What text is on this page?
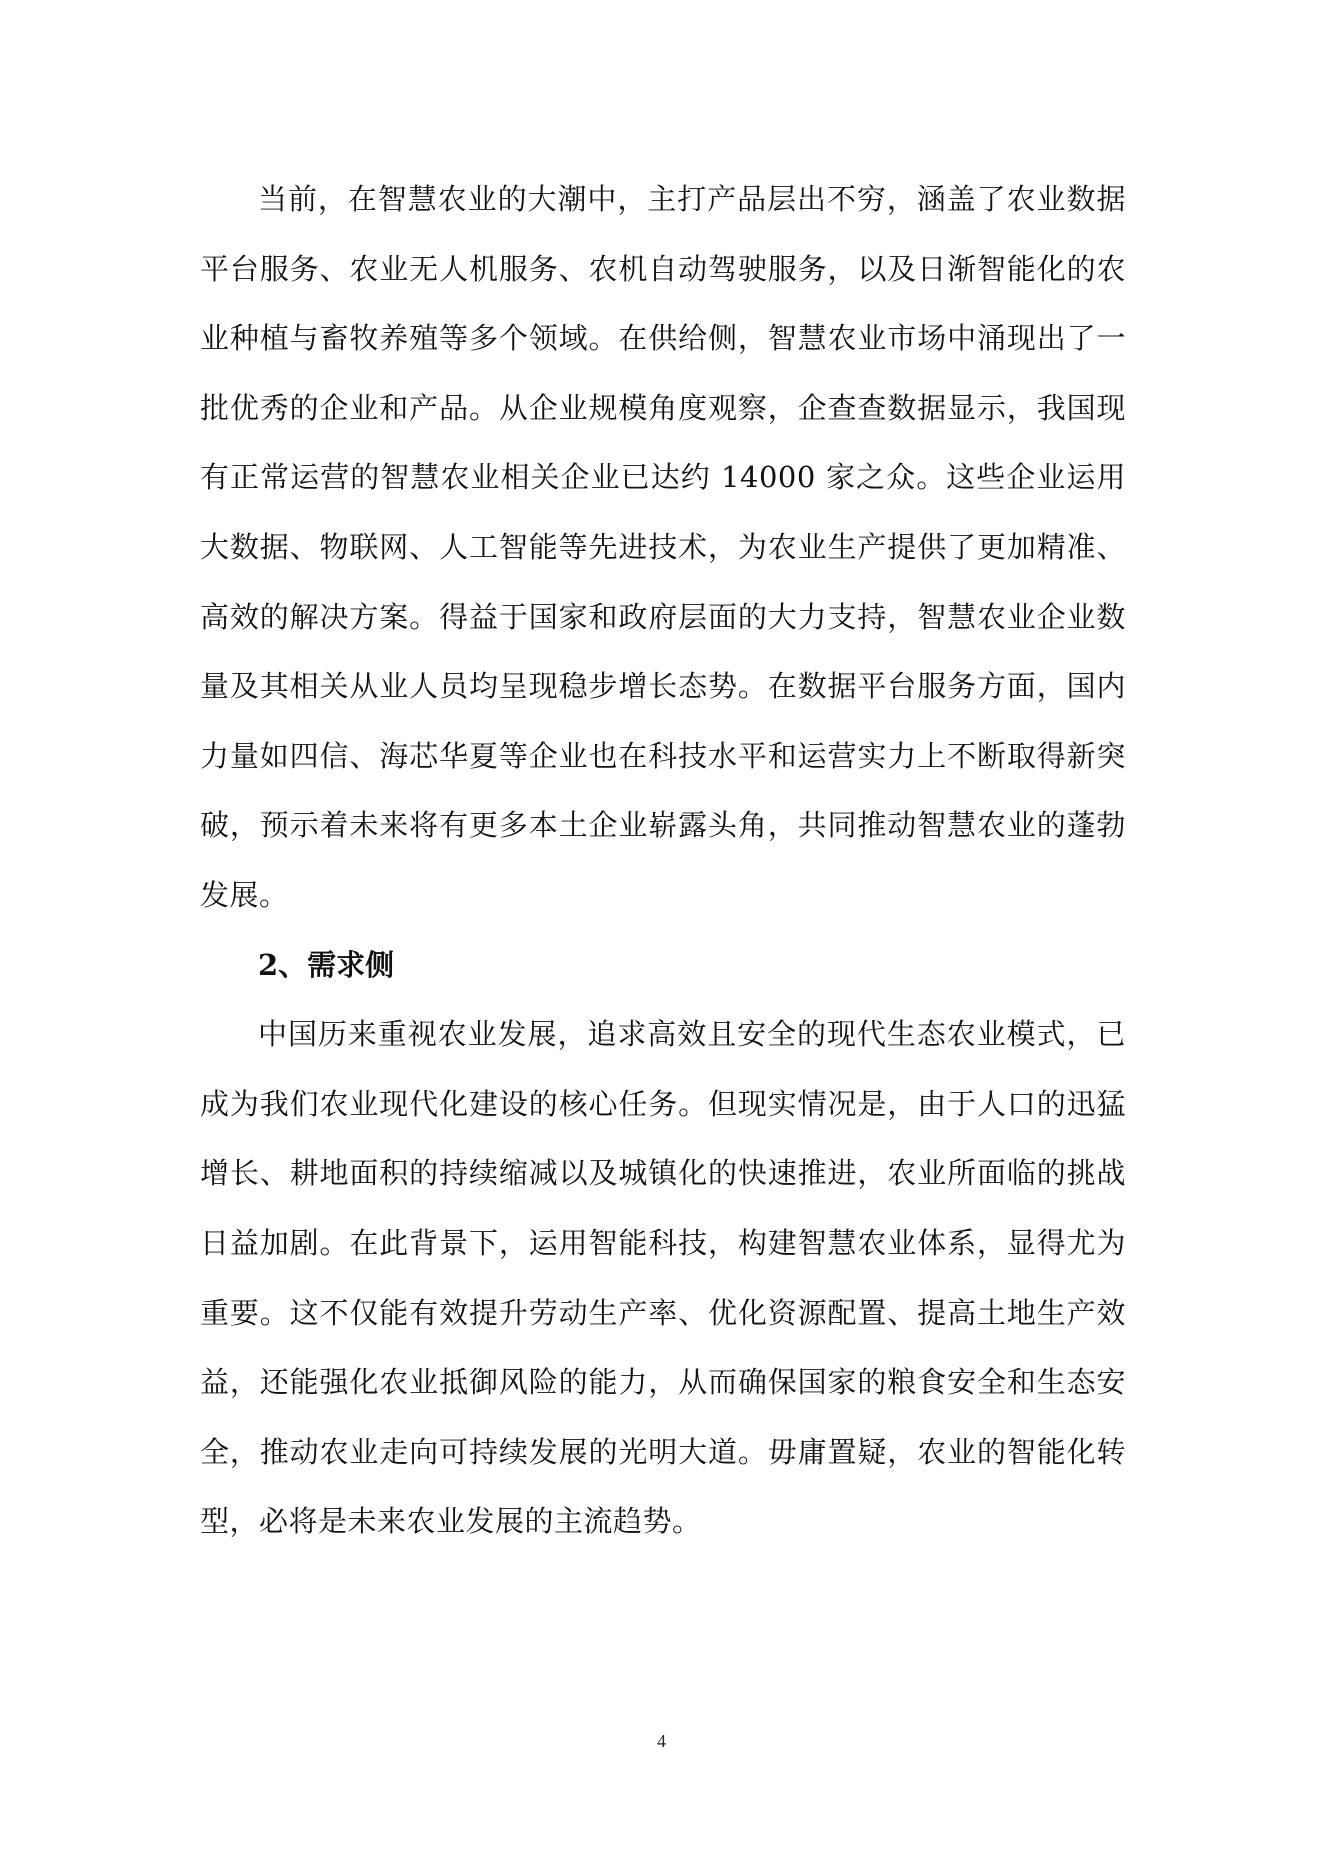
当前，在智慧农业的大潮中，主打产品层出不穷，涵盖了农业数据平台服务、农业无人机服务、农机自动驾驶服务，以及日渐智能化的农业种植与畜牧养殖等多个领域。在供给侧，智慧农业市场中涌现出了一批优秀的企业和产品。从企业规模角度观察，企查查数据显示，我国现有正常运营的智慧农业相关企业已达约 14000 家之众。这些企业运用大数据、物联网、人工智能等先进技术，为农业生产提供了更加精准、高效的解决方案。得益于国家和政府层面的大力支持，智慧农业企业数量及其相关从业人员均呈现稳步增长态势。在数据平台服务方面，国内力量如四信、海芯华夏等企业也在科技水平和运营实力上不断取得新突破，预示着未来将有更多本土企业崭露头角，共同推动智慧农业的蓬勃发展。

2、需求侧

中国历来重视农业发展，追求高效且安全的现代生态农业模式，已成为我们农业现代化建设的核心任务。但现实情况是，由于人口的迅猛增长、耕地面积的持续缩减以及城镇化的快速推进，农业所面临的挑战日益加剧。在此背景下，运用智能科技，构建智慧农业体系，显得尤为重要。这不仅能有效提升劳动生产率、优化资源配置、提高土地生产效益，还能强化农业抵御风险的能力，从而确保国家的粮食安全和生态安全，推动农业走向可持续发展的光明大道。毋庸置疑，农业的智能化转型，必将是未来农业发展的主流趋势。

4
